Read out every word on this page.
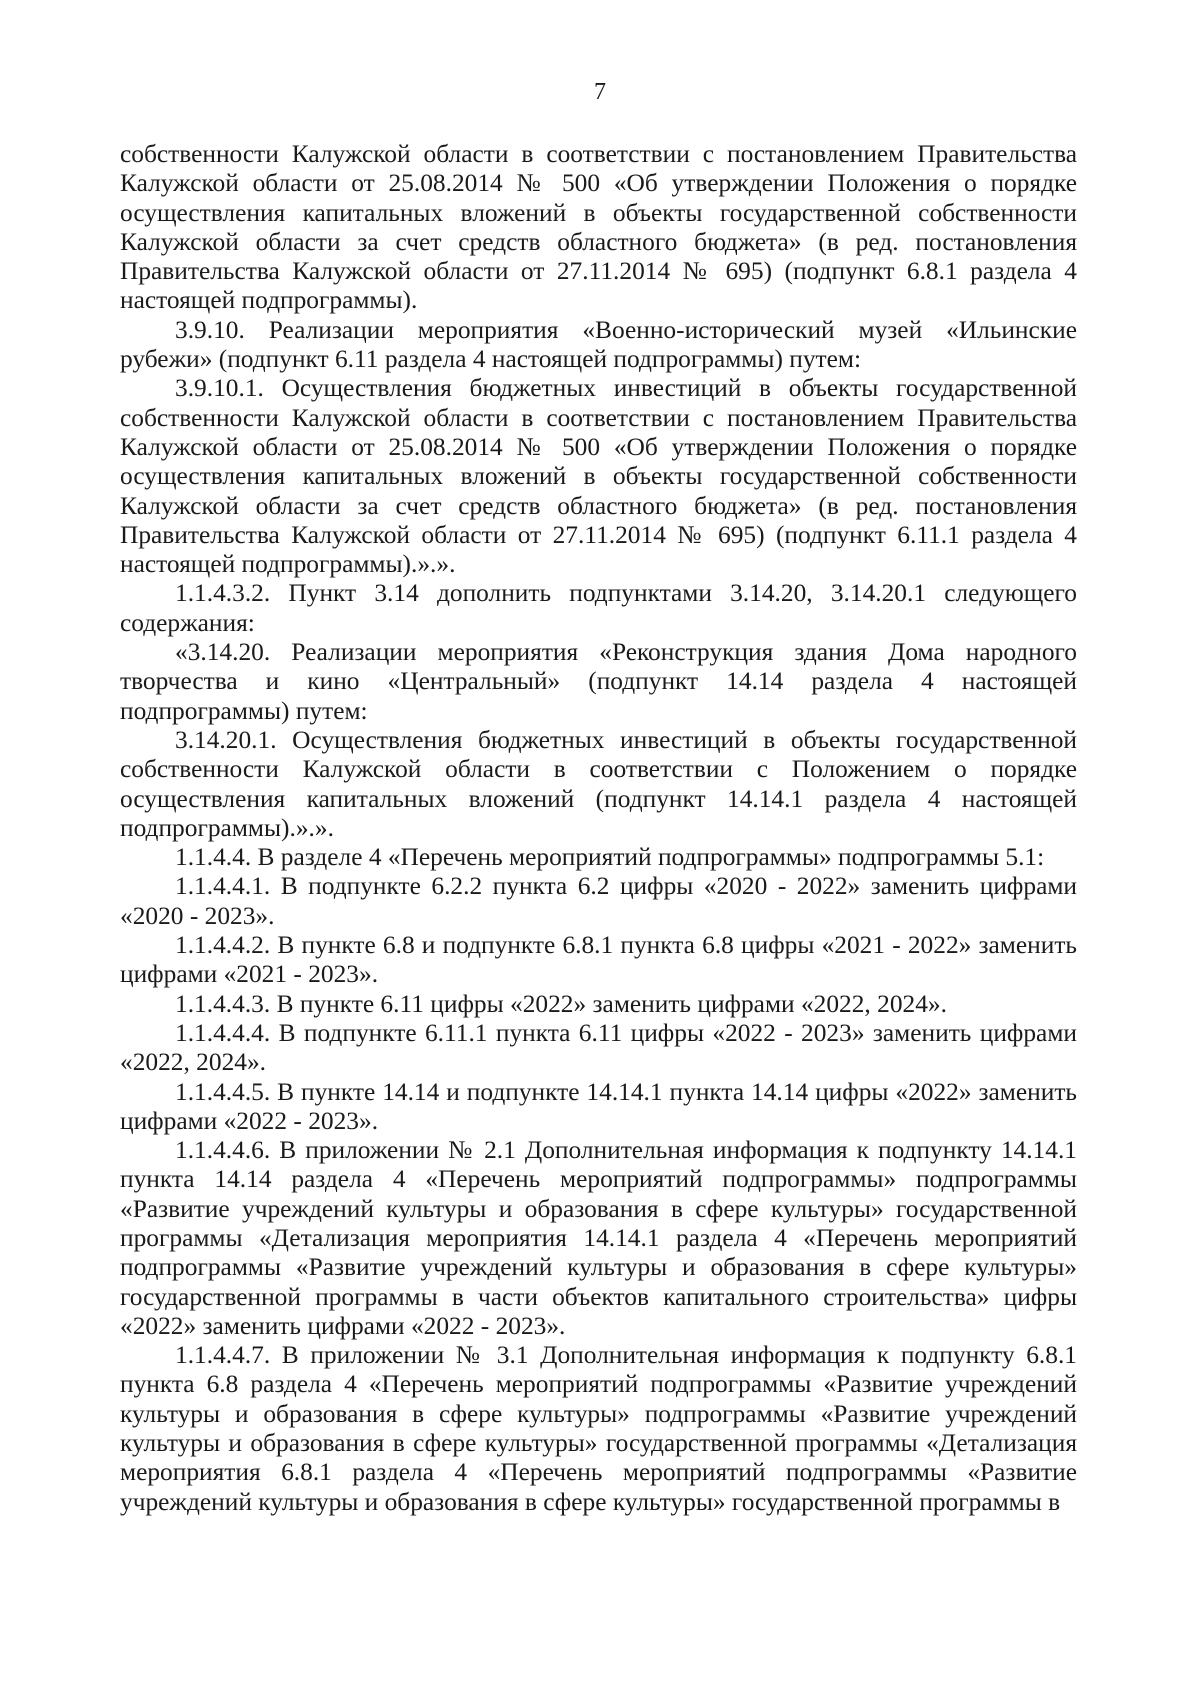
7

собственности Калужской области в соответствии с постановлением Правительства Калужской области от 25.08.2014 № 500 «Об утверждении Положения о порядке осуществления капитальных вложений в объекты государственной собственности Калужской области за счет средств областного бюджета» (в ред. постановления Правительства Калужской области от 27.11.2014 № 695) (подпункт 6.8.1 раздела 4 настоящей подпрограммы).

3.9.10. Реализации мероприятия «Военно-исторический музей «Ильинские рубежи» (подпункт 6.11 раздела 4 настоящей подпрограммы) путем:

3.9.10.1. Осуществления бюджетных инвестиций в объекты государственной собственности Калужской области в соответствии с постановлением Правительства Калужской области от 25.08.2014 № 500 «Об утверждении Положения о порядке осуществления капитальных вложений в объекты государственной собственности Калужской области за счет средств областного бюджета» (в ред. постановления Правительства Калужской области от 27.11.2014 № 695) (подпункт 6.11.1 раздела 4 настоящей подпрограммы).».».

1.1.4.3.2. Пункт 3.14 дополнить подпунктами 3.14.20, 3.14.20.1 следующего содержания:

«3.14.20. Реализации мероприятия «Реконструкция здания Дома народного творчества и кино «Центральный» (подпункт 14.14 раздела 4 настоящей подпрограммы) путем:

3.14.20.1. Осуществления бюджетных инвестиций в объекты государственной собственности Калужской области в соответствии с Положением о порядке осуществления капитальных вложений (подпункт 14.14.1 раздела 4 настоящей подпрограммы).».».

1.1.4.4. В разделе 4 «Перечень мероприятий подпрограммы» подпрограммы 5.1:

1.1.4.4.1. В подпункте 6.2.2 пункта 6.2 цифры «2020 - 2022» заменить цифрами «2020 - 2023».

1.1.4.4.2. В пункте 6.8 и подпункте 6.8.1 пункта 6.8 цифры «2021 - 2022» заменить цифрами «2021 - 2023».

1.1.4.4.3. В пункте 6.11 цифры «2022» заменить цифрами «2022, 2024».

1.1.4.4.4. В подпункте 6.11.1 пункта 6.11 цифры «2022 - 2023» заменить цифрами «2022, 2024».

1.1.4.4.5. В пункте 14.14 и подпункте 14.14.1 пункта 14.14 цифры «2022» заменить цифрами «2022 - 2023».

1.1.4.4.6. В приложении № 2.1 Дополнительная информация к подпункту 14.14.1 пункта 14.14 раздела 4 «Перечень мероприятий подпрограммы» подпрограммы «Развитие учреждений культуры и образования в сфере культуры» государственной программы «Детализация мероприятия 14.14.1 раздела 4 «Перечень мероприятий подпрограммы «Развитие учреждений культуры и образования в сфере культуры» государственной программы в части объектов капитального строительства» цифры «2022» заменить цифрами «2022 - 2023».

1.1.4.4.7. В приложении № 3.1 Дополнительная информация к подпункту 6.8.1 пункта 6.8 раздела 4 «Перечень мероприятий подпрограммы «Развитие учреждений культуры и образования в сфере культуры» подпрограммы «Развитие учреждений культуры и образования в сфере культуры» государственной программы «Детализация мероприятия 6.8.1 раздела 4 «Перечень мероприятий подпрограммы «Развитие учреждений культуры и образования в сфере культуры» государственной программы в
